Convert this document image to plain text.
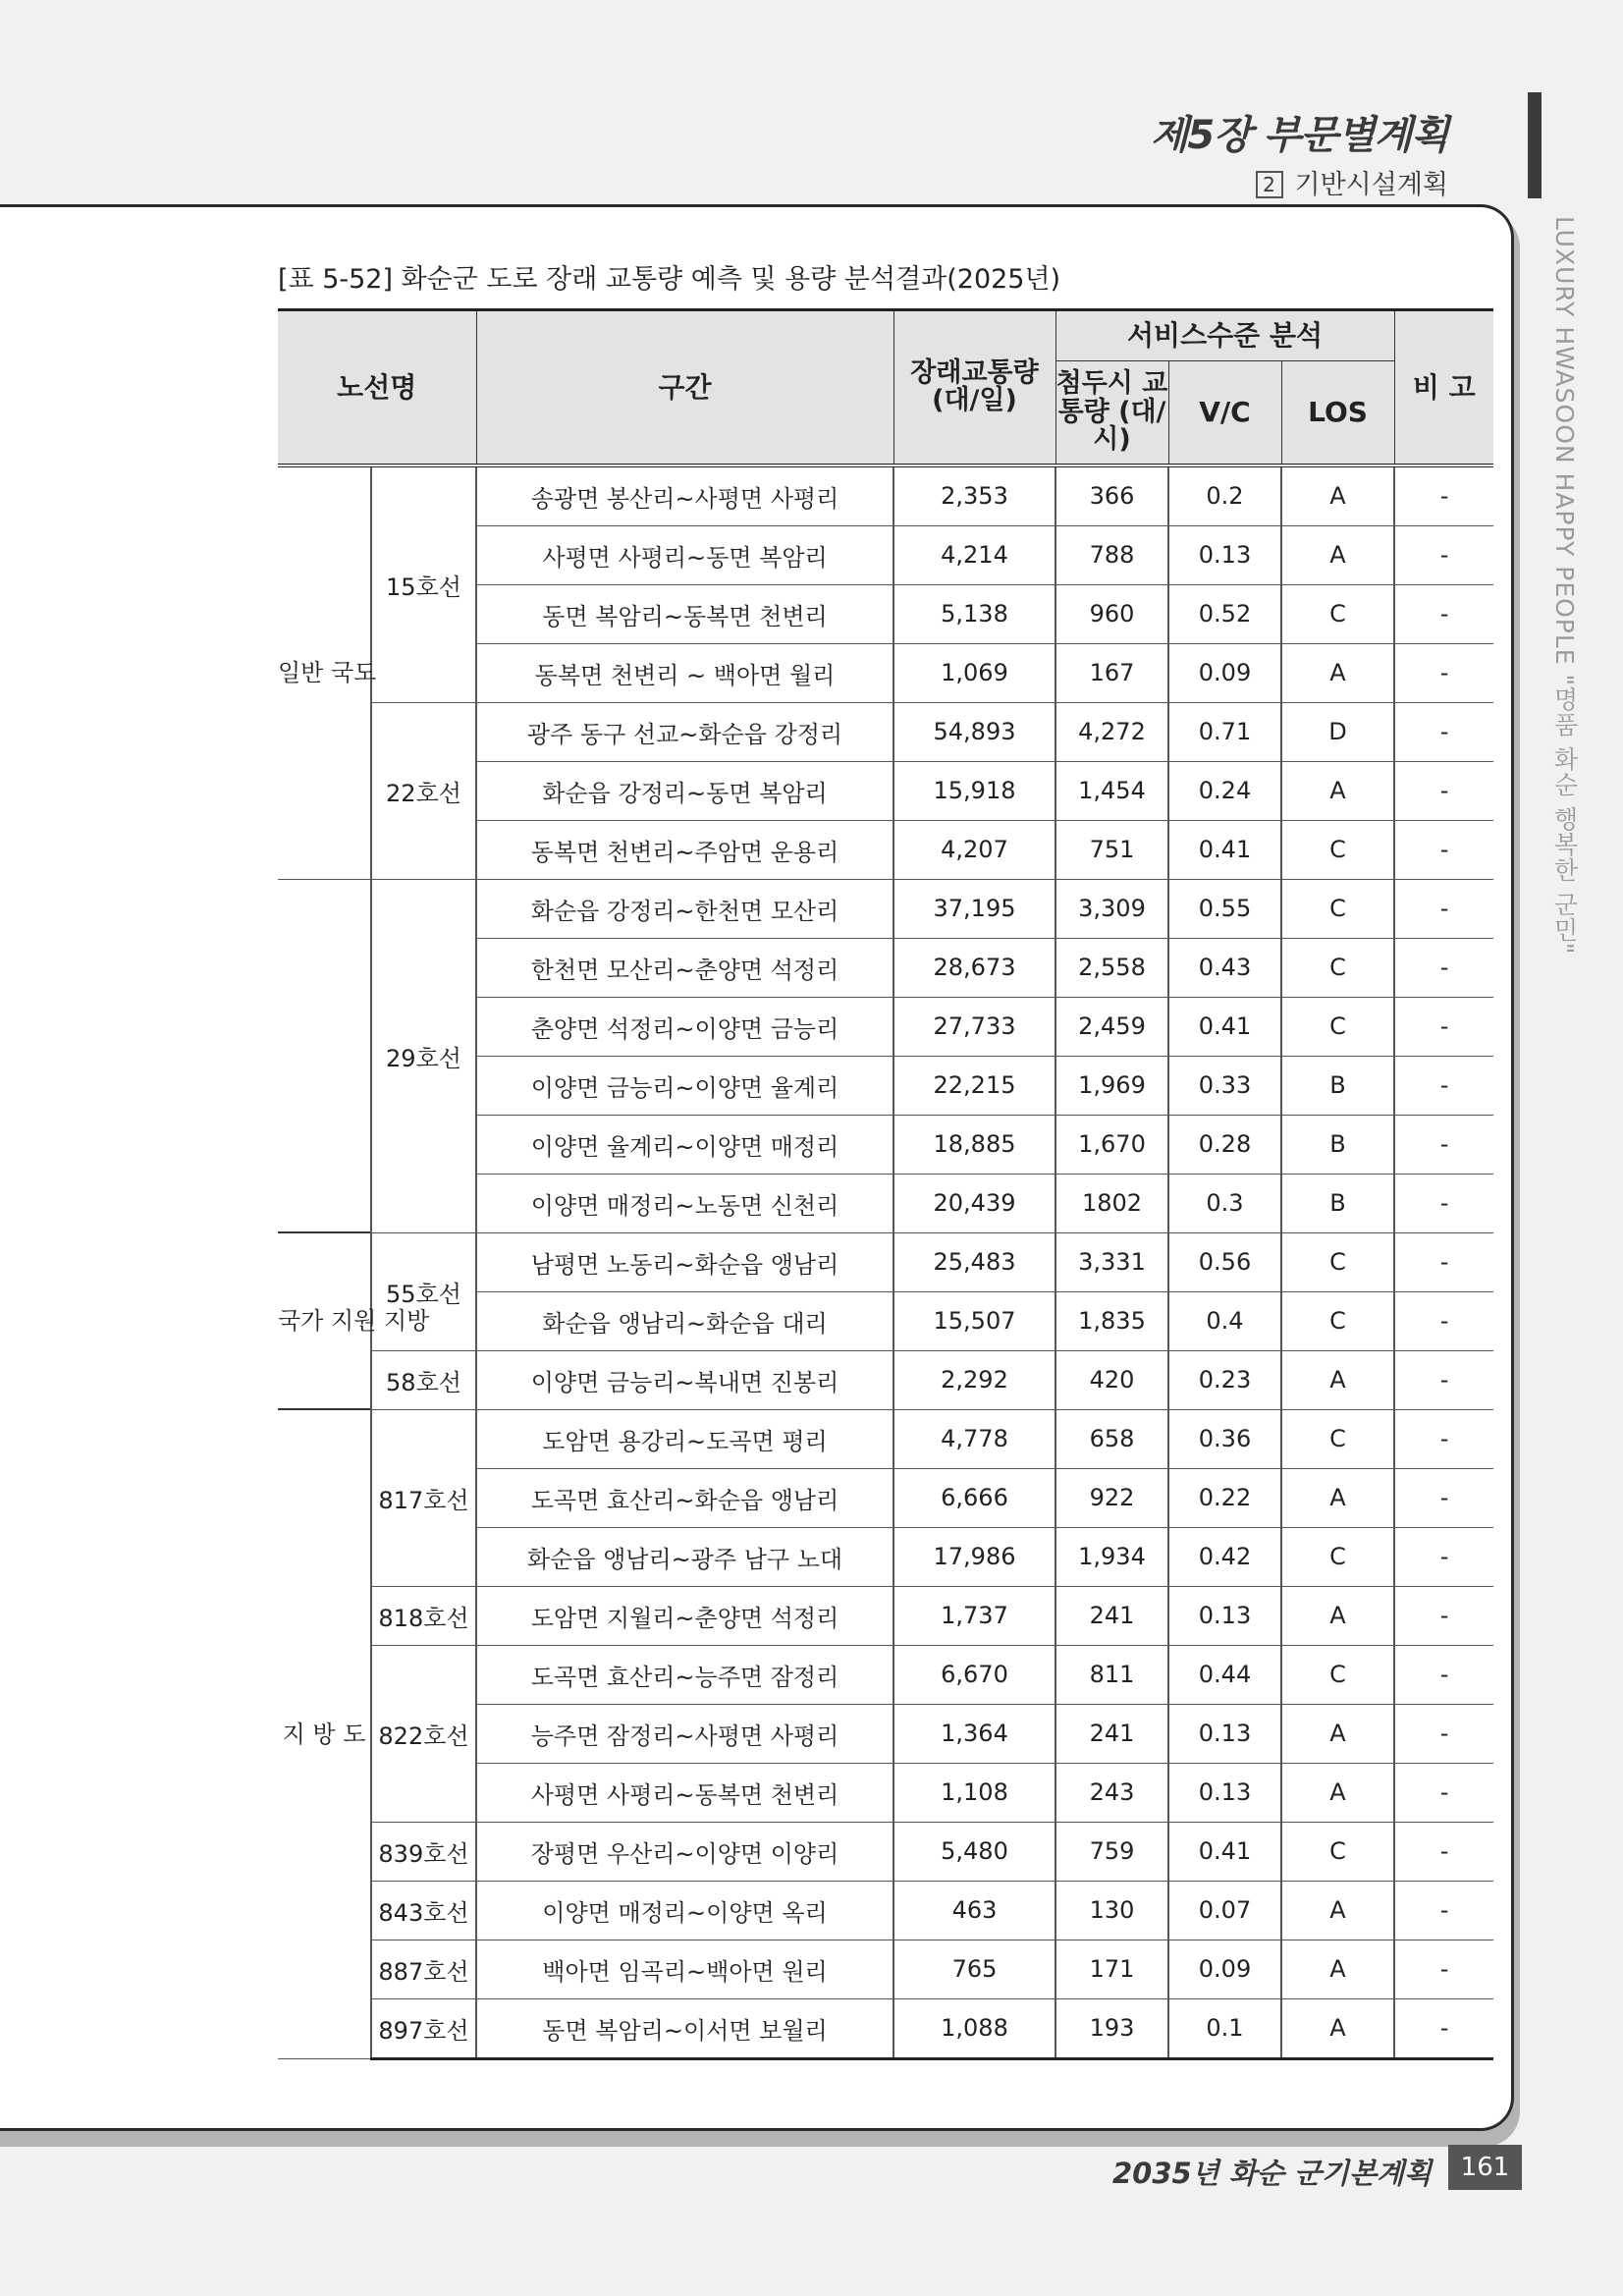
제5장 부문별계획
2 기반시설계획
LUXURY HWASOON HAPPY PEOPLE "명품 화순 행복한 군민"
[표 5-52] 화순군 도로 장래 교통량 예측 및 용량 분석결과(2025년)
노선명		구간	장래교통량 (대/일)	서비스수준 분석			비 고
				첨두시 교통량 (대/시)	V/C	LOS	
일반 국도	15호선	송광면 봉산리~사평면 사평리	2,353	366	0.2	A	-
		사평면 사평리~동면 복암리	4,214	788	0.13	A	-
		동면 복암리~동복면 천변리	5,138	960	0.52	C	-
		동복면 천변리 ~ 백아면 월리	1,069	167	0.09	A	-
	22호선	광주 동구 선교~화순읍 강정리	54,893	4,272	0.71	D	-
		화순읍 강정리~동면 복암리	15,918	1,454	0.24	A	-
		동복면 천변리~주암면 운용리	4,207	751	0.41	C	-
	29호선	화순읍 강정리~한천면 모산리	37,195	3,309	0.55	C	-
		한천면 모산리~춘양면 석정리	28,673	2,558	0.43	C	-
		춘양면 석정리~이양면 금능리	27,733	2,459	0.41	C	-
		이양면 금능리~이양면 율계리	22,215	1,969	0.33	B	-
		이양면 율계리~이양면 매정리	18,885	1,670	0.28	B	-
		이양면 매정리~노동면 신천리	20,439	1802	0.3	B	-
국가 지원 지방	55호선	남평면 노동리~화순읍 앵남리	25,483	3,331	0.56	C	-
		화순읍 앵남리~화순읍 대리	15,507	1,835	0.4	C	-
	58호선	이양면 금능리~복내면 진봉리	2,292	420	0.23	A	-
지 방 도	817호선	도암면 용강리~도곡면 평리	4,778	658	0.36	C	-
		도곡면 효산리~화순읍 앵남리	6,666	922	0.22	A	-
		화순읍 앵남리~광주 남구 노대	17,986	1,934	0.42	C	-
	818호선	도암면 지월리~춘양면 석정리	1,737	241	0.13	A	-
	822호선	도곡면 효산리~능주면 잠정리	6,670	811	0.44	C	-
		능주면 잠정리~사평면 사평리	1,364	241	0.13	A	-
		사평면 사평리~동복면 천변리	1,108	243	0.13	A	-
	839호선	장평면 우산리~이양면 이양리	5,480	759	0.41	C	-
	843호선	이양면 매정리~이양면 옥리	463	130	0.07	A	-
	887호선	백아면 임곡리~백아면 원리	765	171	0.09	A	-
	897호선	동면 복암리~이서면 보월리	1,088	193	0.1	A	-
2035년 화순 군기본계획	161
